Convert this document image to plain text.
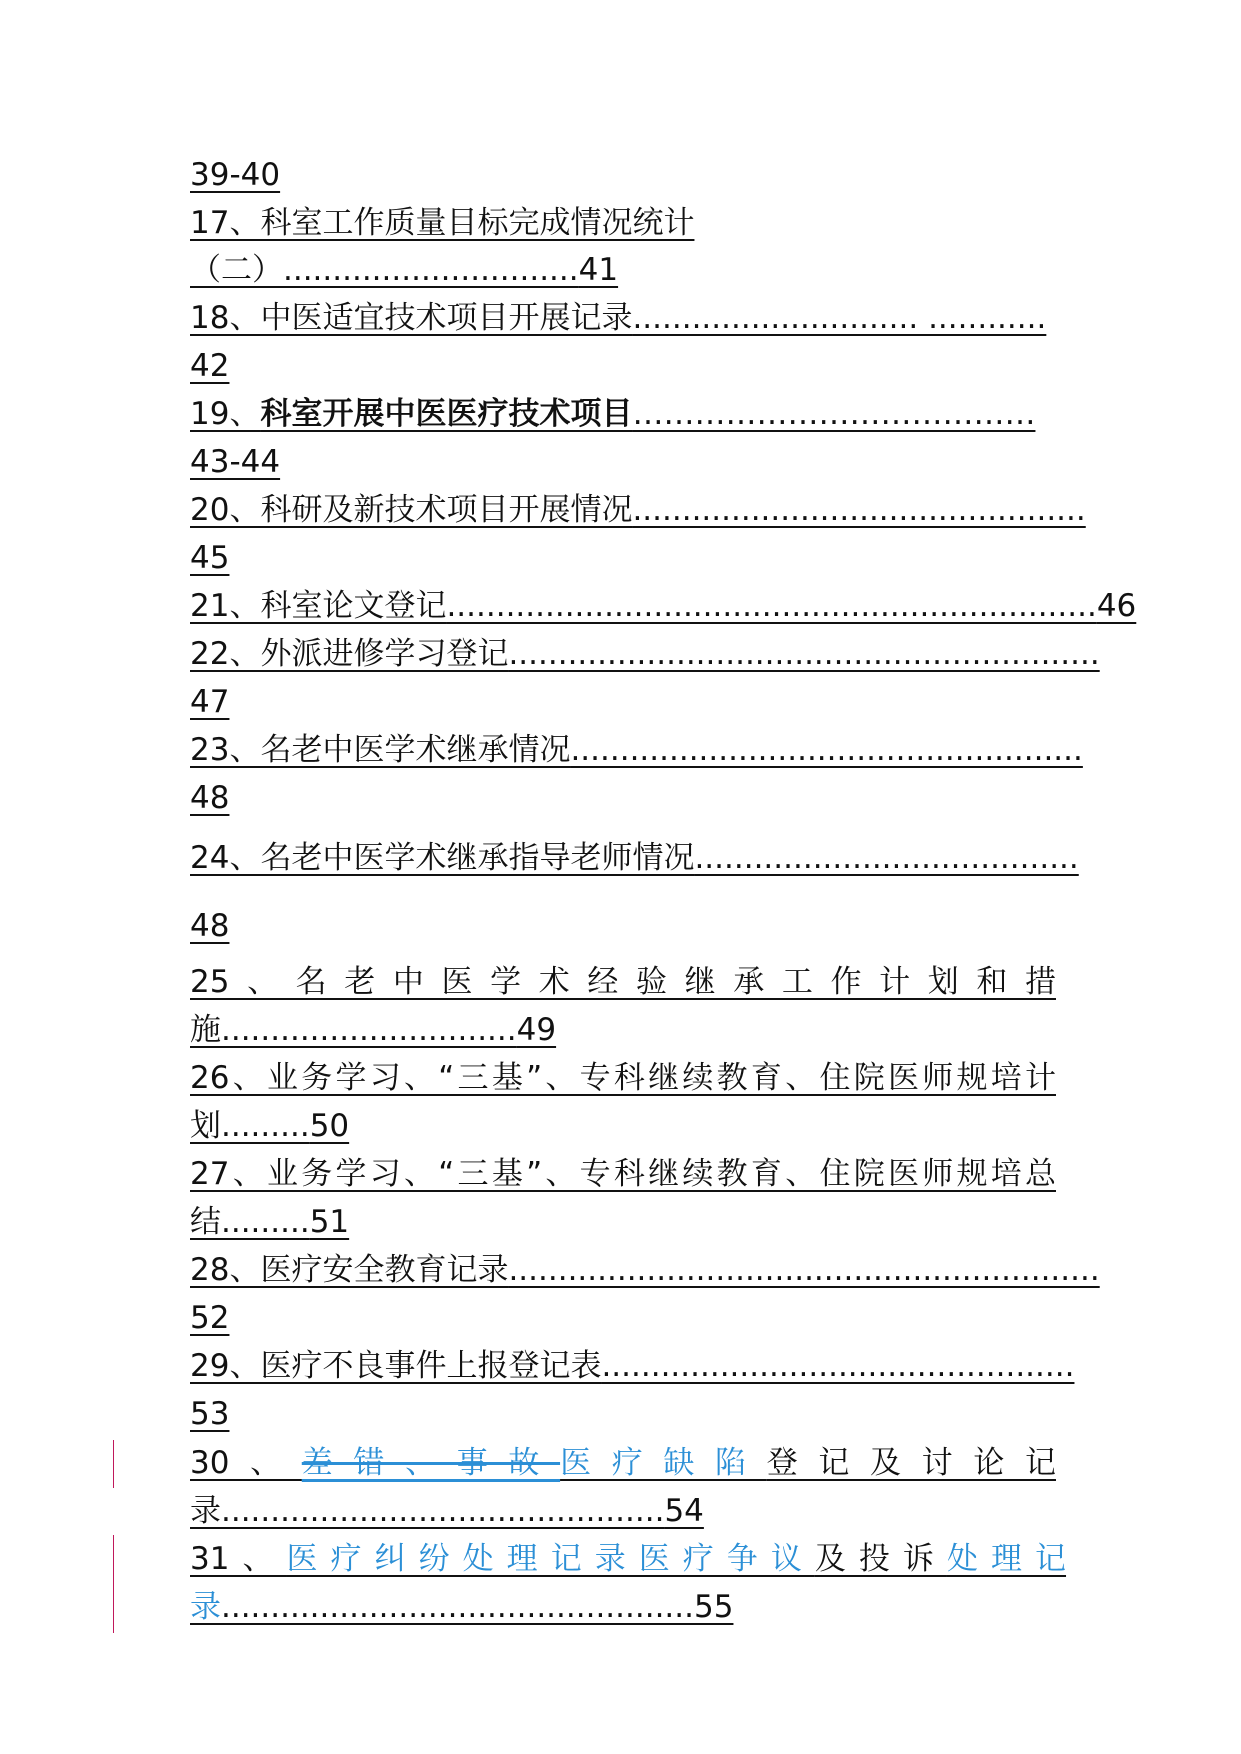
39-40
17、科室工作质量目标完成情况统计
（二）..............................41
18、中医适宜技术项目开展记录............................. ............
42
19、科室开展中医医疗技术项目…………………………………
43-44
20、科研及新技术项目开展情况..............................................
45
21、科室论文登记..................................................................46
22、外派进修学习登记............................................................
47
23、名老中医学术继承情况....................................................
48
24、名老中医学术继承指导老师情况.......................................
48
25、名老中医学术经验继承工作计划和措
施..............................49
26、业务学习、“三基”、专科继续教育、住院医师规培计
划.........50
27、业务学习、“三基”、专科继续教育、住院医师规培总
结.........51
28、医疗安全教育记录............................................................
52
29、医疗不良事件上报登记表................................................
53
30、差错、事故医疗缺陷登记及讨论记
录.............................................54
31、医疗纠纷处理记录医疗争议及投诉处理记
录................................................55
